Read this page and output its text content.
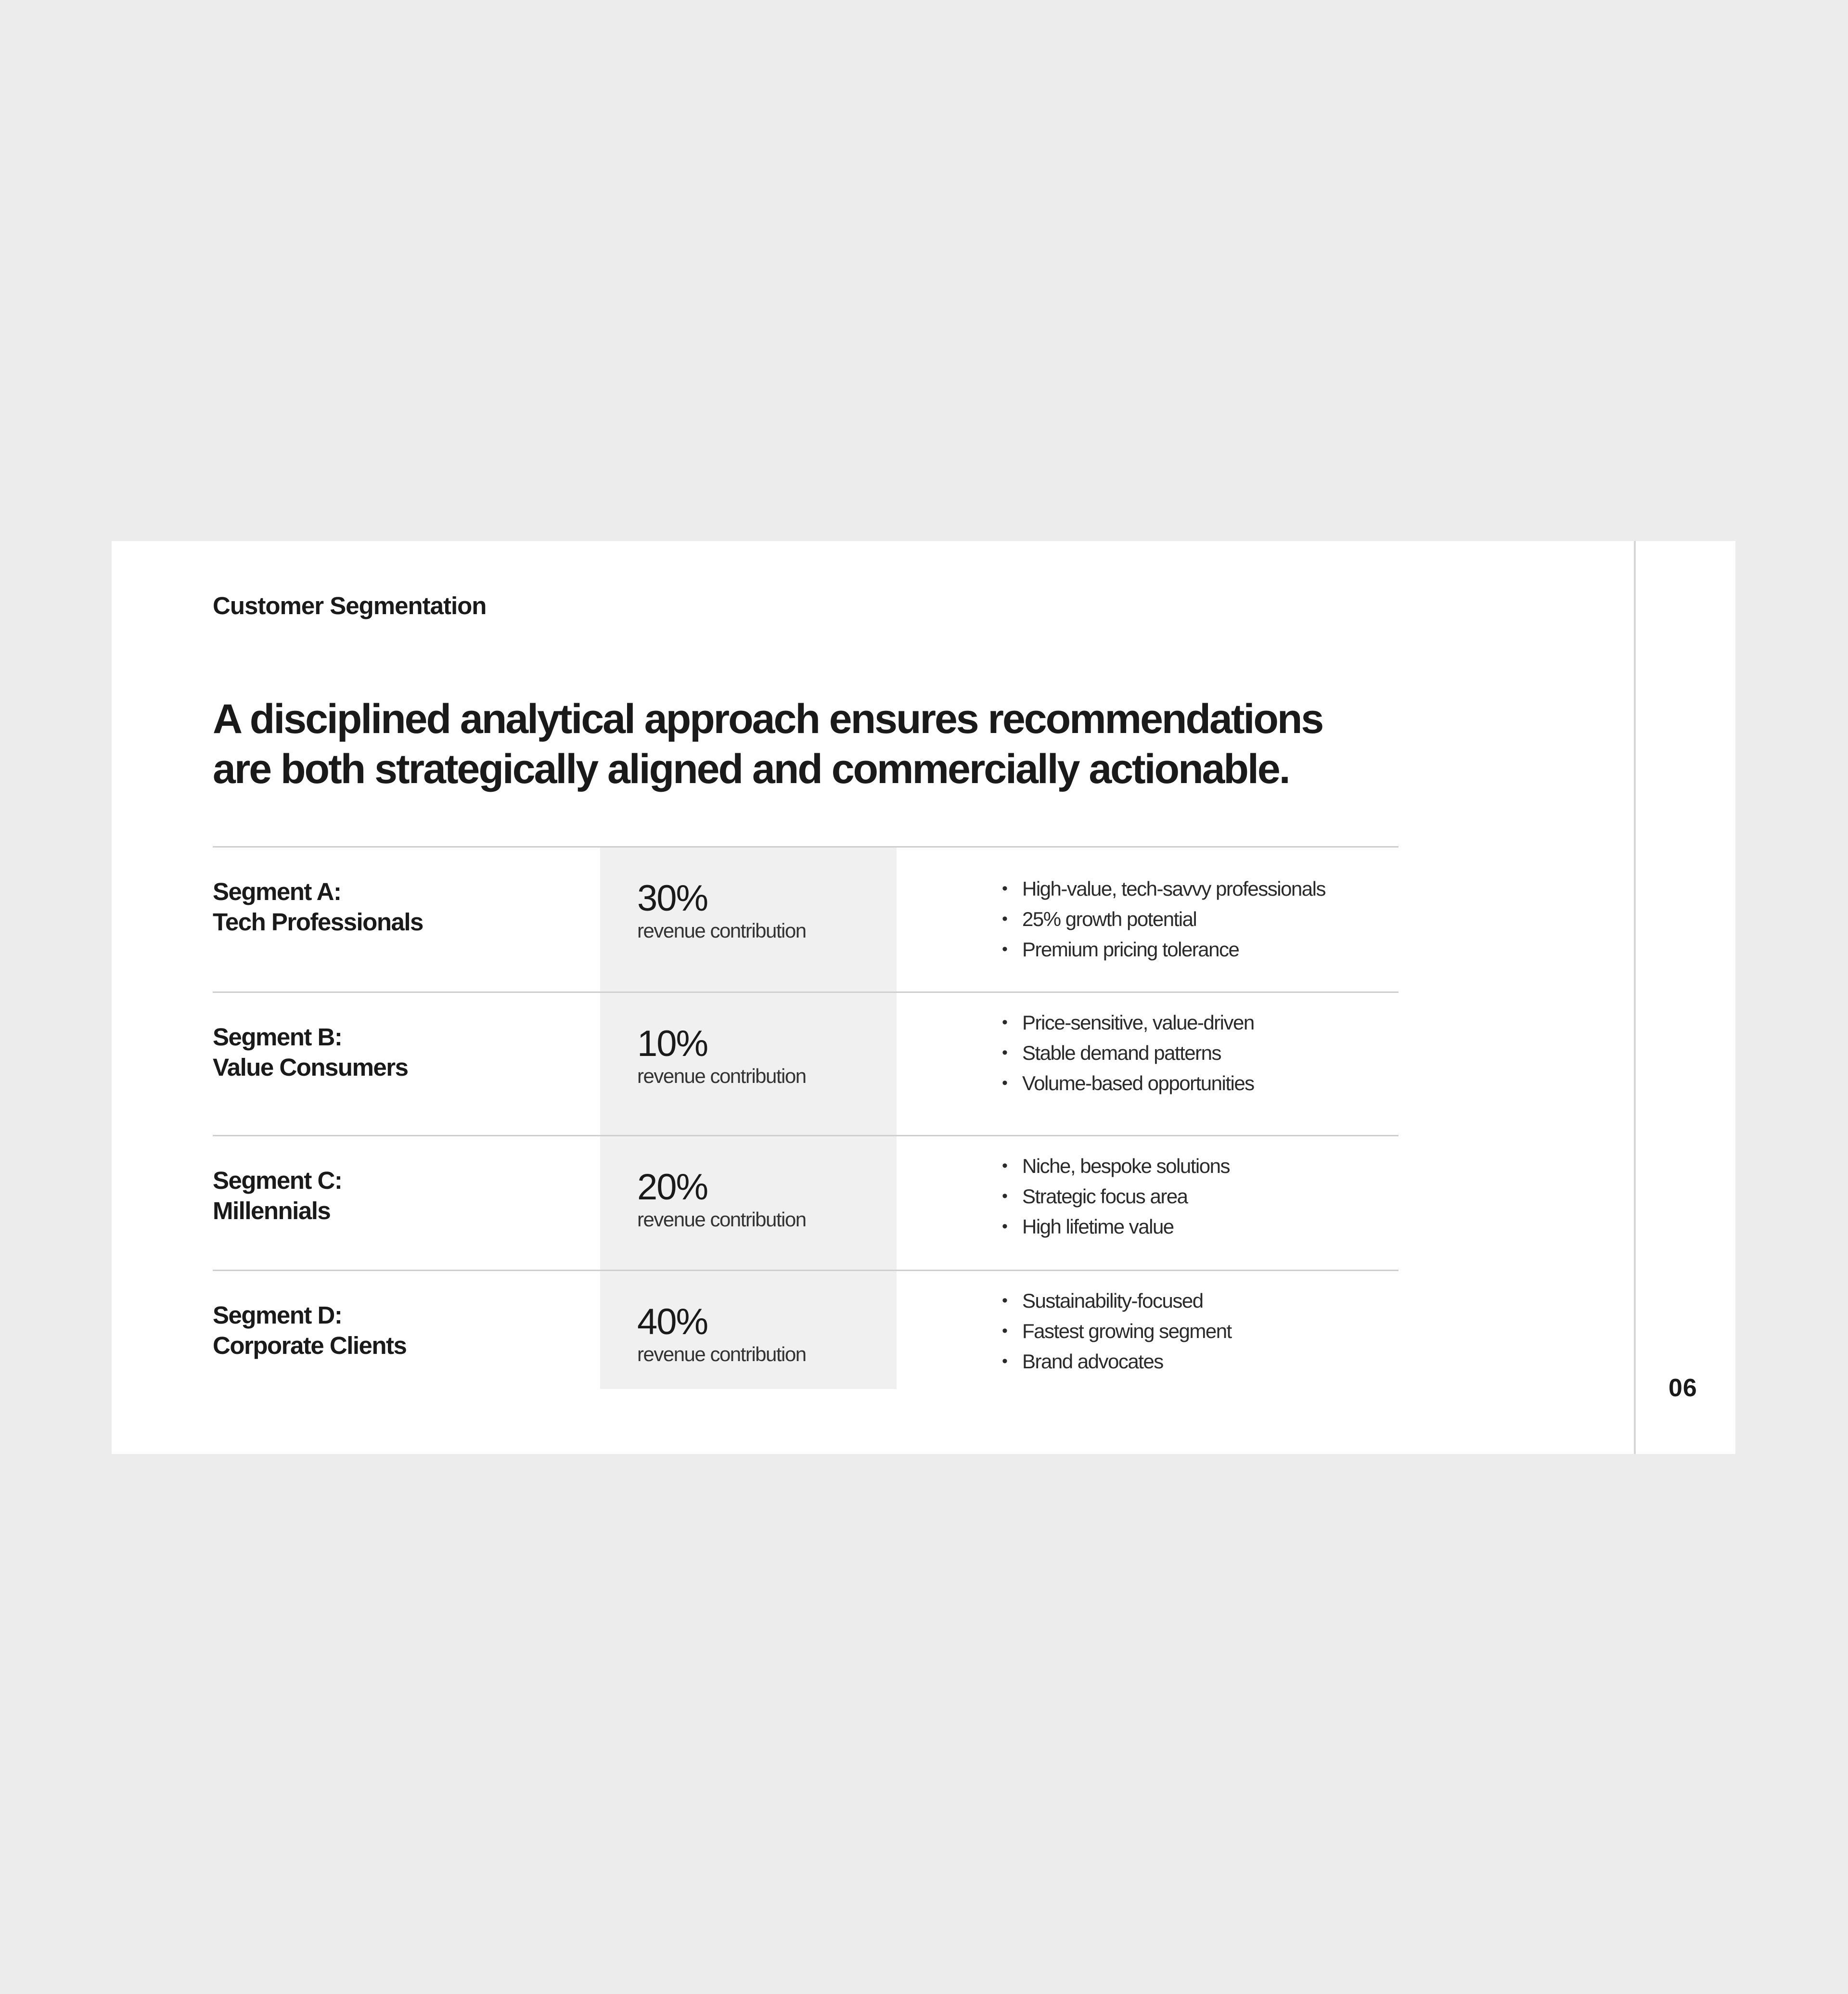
Customer Segmentation
A disciplined analytical approach ensures recommendations
are both strategically aligned and commercially actionable.
Segment A:
Tech Professionals
30%
revenue contribution
• High-value, tech-savvy professionals
• 25% growth potential
• Premium pricing tolerance
Segment B:
Value Consumers
10%
revenue contribution
• Price-sensitive, value-driven
• Stable demand patterns
• Volume-based opportunities
Segment C:
Millennials
20%
revenue contribution
• Niche, bespoke solutions
• Strategic focus area
• High lifetime value
Segment D:
Corporate Clients
40%
revenue contribution
• Sustainability-focused
• Fastest growing segment
• Brand advocates
06
